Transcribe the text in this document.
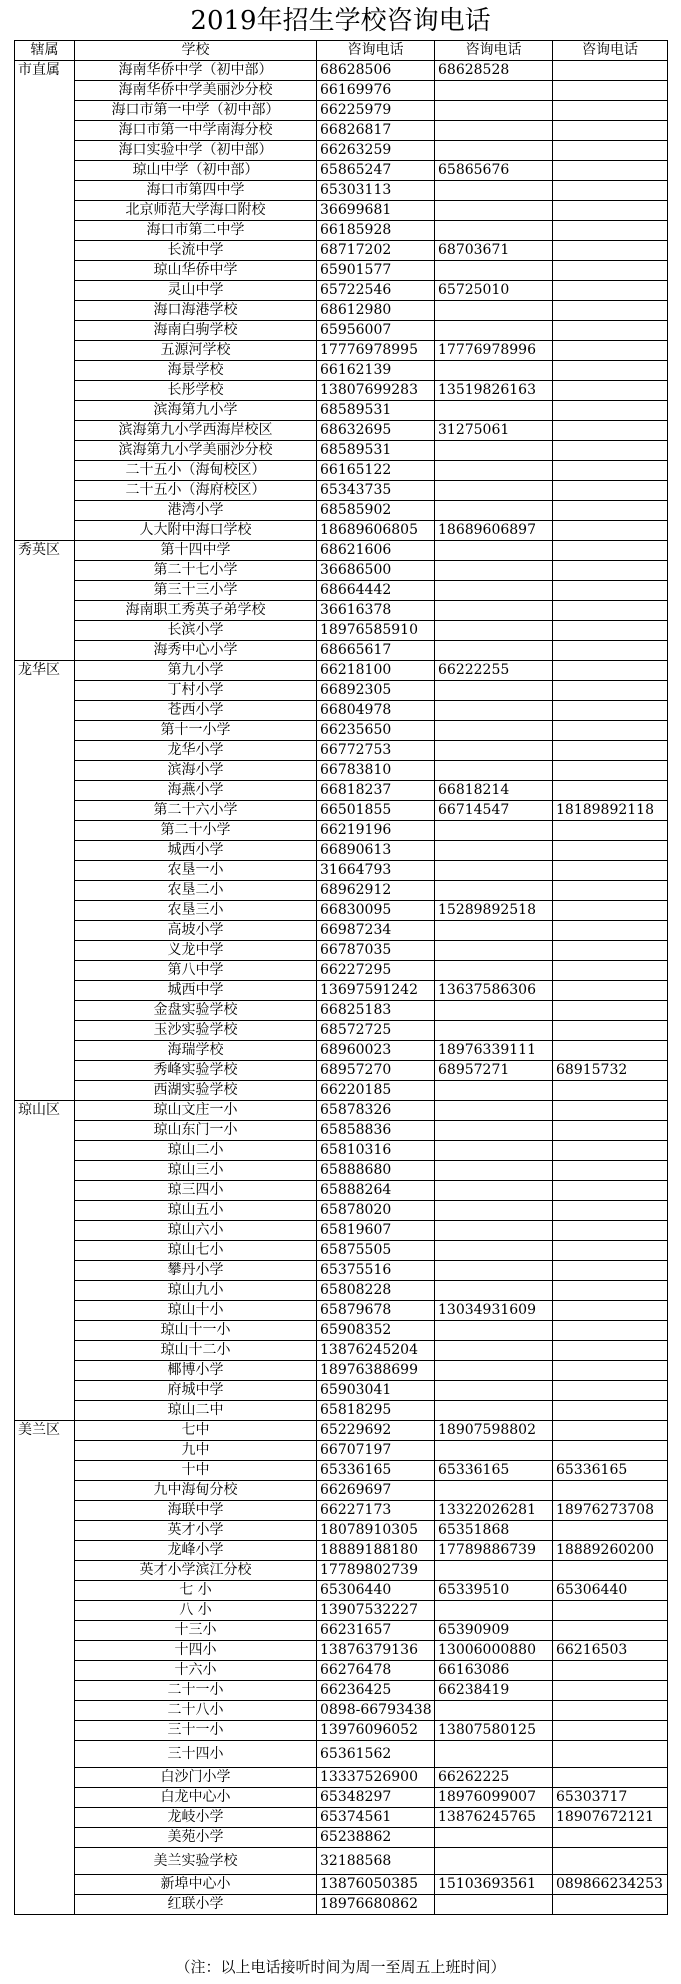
2019年招生学校咨询电话
辖属	学校	咨询电话	咨询电话	咨询电话
市直属	海南华侨中学（初中部）	68628506	68628528	
	海南华侨中学美丽沙分校	66169976		
	海口市第一中学（初中部）	66225979		
	海口市第一中学南海分校	66826817		
	海口实验中学（初中部）	66263259		
	琼山中学（初中部）	65865247	65865676	
	海口市第四中学	65303113		
	北京师范大学海口附校	36699681		
	海口市第二中学	66185928		
	长流中学	68717202	68703671	
	琼山华侨中学	65901577		
	灵山中学	65722546	65725010	
	海口海港学校	68612980		
	海南白驹学校	65956007		
	五源河学校	17776978995	17776978996	
	海景学校	66162139		
	长彤学校	13807699283	13519826163	
	滨海第九小学	68589531		
	滨海第九小学西海岸校区	68632695	31275061	
	滨海第九小学美丽沙分校	68589531		
	二十五小（海甸校区）	66165122		
	二十五小（海府校区）	65343735		
	港湾小学	68585902		
	人大附中海口学校	18689606805	18689606897	
秀英区	第十四中学	68621606		
	第二十七小学	36686500		
	第三十三小学	68664442		
	海南职工秀英子弟学校	36616378		
	长滨小学	18976585910		
	海秀中心小学	68665617		
龙华区	第九小学	66218100	66222255	
	丁村小学	66892305		
	苍西小学	66804978		
	第十一小学	66235650		
	龙华小学	66772753		
	滨海小学	66783810		
	海燕小学	66818237	66818214	
	第二十六小学	66501855	66714547	18189892118
	第二十小学	66219196		
	城西小学	66890613		
	农垦一小	31664793		
	农垦二小	68962912		
	农垦三小	66830095	15289892518	
	高坡小学	66987234		
	义龙中学	66787035		
	第八中学	66227295		
	城西中学	13697591242	13637586306	
	金盘实验学校	66825183		
	玉沙实验学校	68572725		
	海瑞学校	68960023	18976339111	
	秀峰实验学校	68957270	68957271	68915732
	西湖实验学校	66220185		
琼山区	琼山文庄一小	65878326		
	琼山东门一小	65858836		
	琼山二小	65810316		
	琼山三小	65888680		
	琼三四小	65888264		
	琼山五小	65878020		
	琼山六小	65819607		
	琼山七小	65875505		
	攀丹小学	65375516		
	琼山九小	65808228		
	琼山十小	65879678	13034931609	
	琼山十一小	65908352		
	琼山十二小	13876245204		
	椰博小学	18976388699		
	府城中学	65903041		
	琼山二中	65818295		
美兰区	七中	65229692	18907598802	
	九中	66707197		
	十中	65336165	65336165	65336165
	九中海甸分校	66269697		
	海联中学	66227173	13322026281	18976273708
	英才小学	18078910305	65351868	
	龙峰小学	18889188180	17789886739	18889260200
	英才小学滨江分校	17789802739		
	七 小	65306440	65339510	65306440
	八 小	13907532227		
	十三小	66231657	65390909	
	十四小	13876379136	13006000880	66216503
	十六小	66276478	66163086	
	二十一小	66236425	66238419	
	二十八小	0898-66793438		
	三十一小	13976096052	13807580125	
	三十四小	65361562		
	白沙门小学	13337526900	66262225	
	白龙中心小	65348297	18976099007	65303717
	龙岐小学	65374561	13876245765	18907672121
	美苑小学	65238862		
	美兰实验学校	32188568		
	新埠中心小	13876050385	15103693561	089866234253
	红联小学	18976680862		
（注：以上电话接听时间为周一至周五上班时间）
